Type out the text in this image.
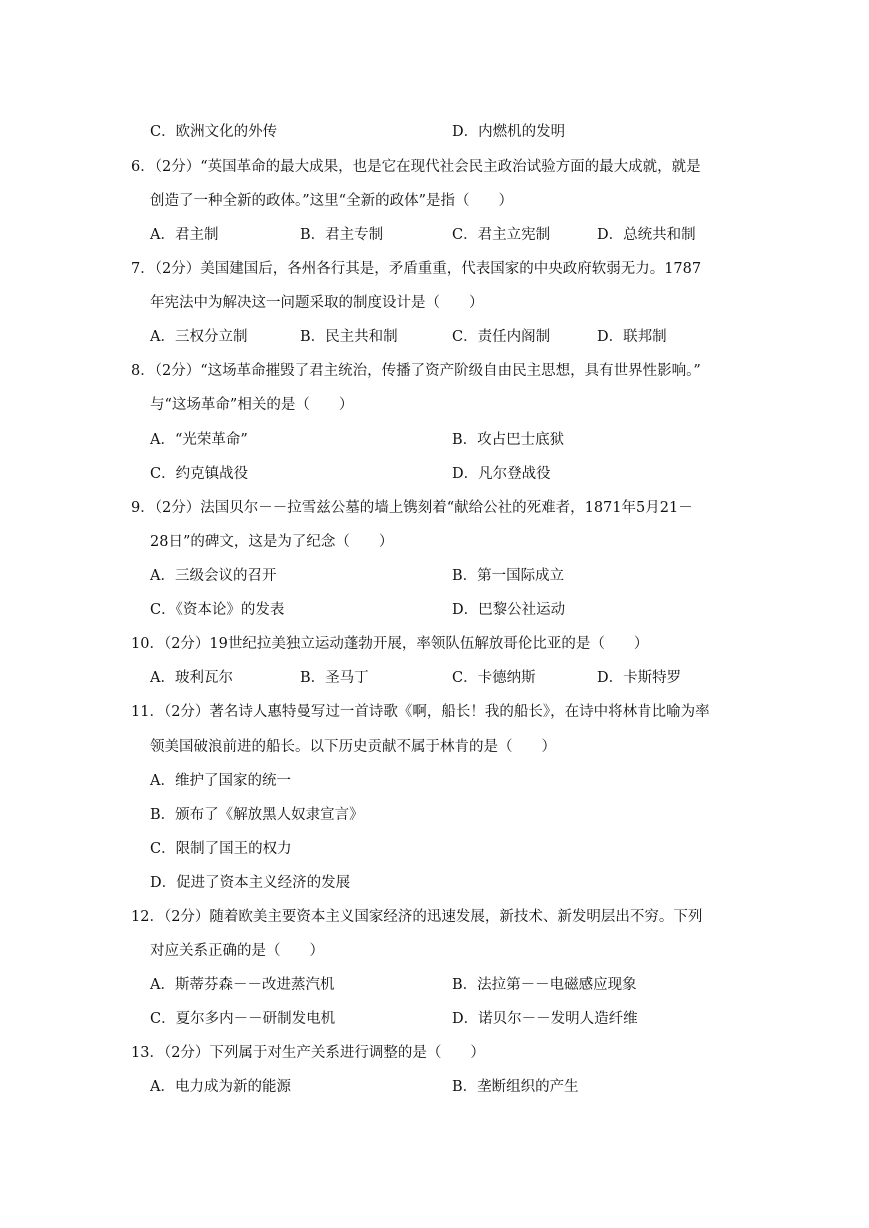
C．欧洲文化的外传	D．内燃机的发明
6．（2分）“英国革命的最大成果，也是它在现代社会民主政治试验方面的最大成就，就是
创造了一种全新的政体。”这里“全新的政体”是指（　　）
A．君主制	B．君主专制	C．君主立宪制	D．总统共和制
7．（2分）美国建国后，各州各行其是，矛盾重重，代表国家的中央政府软弱无力。1787
年宪法中为解决这一问题采取的制度设计是（　　）
A．三权分立制	B．民主共和制	C．责任内阁制	D．联邦制
8．（2分）“这场革命摧毁了君主统治，传播了资产阶级自由民主思想，具有世界性影响。”
与“这场革命”相关的是（　　）
A．“光荣革命”	B．攻占巴士底狱
C．约克镇战役	D．凡尔登战役
9．（2分）法国贝尔－－拉雪兹公墓的墙上镌刻着“献给公社的死难者，1871年5月21－
28日”的碑文，这是为了纪念（　　）
A．三级会议的召开	B．第一国际成立
C．《资本论》的发表	D．巴黎公社运动
10．（2分）19世纪拉美独立运动蓬勃开展，率领队伍解放哥伦比亚的是（　　）
A．玻利瓦尔	B．圣马丁	C．卡德纳斯	D．卡斯特罗
11．（2分）著名诗人惠特曼写过一首诗歌《啊，船长！我的船长》，在诗中将林肯比喻为率
领美国破浪前进的船长。以下历史贡献不属于林肯的是（　　）
A．维护了国家的统一
B．颁布了《解放黑人奴隶宣言》
C．限制了国王的权力
D．促进了资本主义经济的发展
12．（2分）随着欧美主要资本主义国家经济的迅速发展，新技术、新发明层出不穷。下列
对应关系正确的是（　　）
A．斯蒂芬森－－改进蒸汽机	B．法拉第－－电磁感应现象
C．夏尔多内－－研制发电机	D．诺贝尔－－发明人造纤维
13．（2分）下列属于对生产关系进行调整的是（　　）
A．电力成为新的能源	B．垄断组织的产生
